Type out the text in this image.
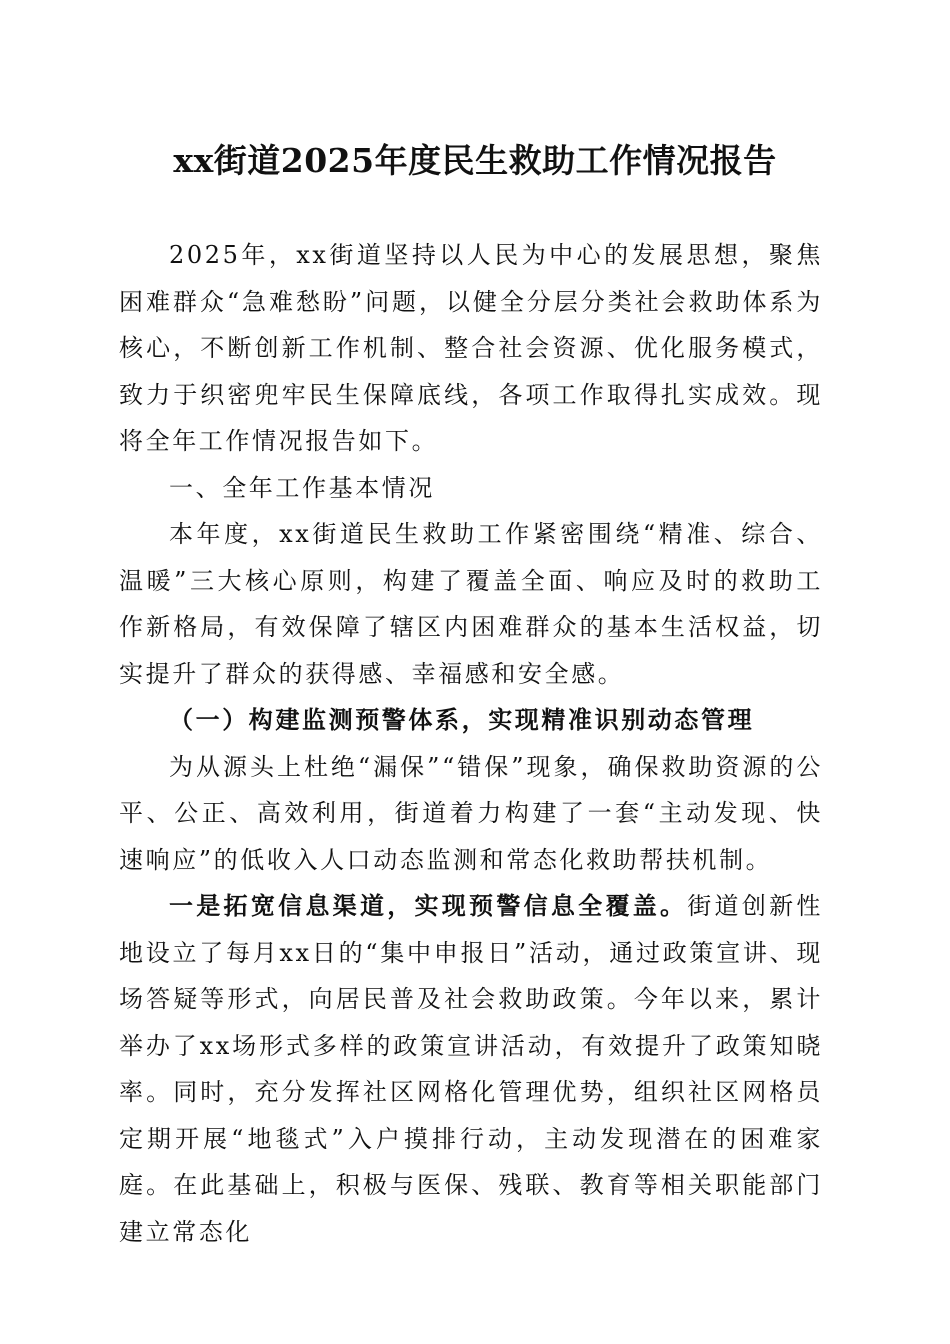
xx街道2025年度民生救助工作情况报告

2025年，xx街道坚持以人民为中心的发展思想，聚焦困难群众“急难愁盼”问题，以健全分层分类社会救助体系为核心，不断创新工作机制、整合社会资源、优化服务模式，致力于织密兜牢民生保障底线，各项工作取得扎实成效。现将全年工作情况报告如下。

一、全年工作基本情况

本年度，xx街道民生救助工作紧密围绕“精准、综合、温暖”三大核心原则，构建了覆盖全面、响应及时的救助工作新格局，有效保障了辖区内困难群众的基本生活权益，切实提升了群众的获得感、幸福感和安全感。

（一）构建监测预警体系，实现精准识别动态管理

为从源头上杜绝“漏保”“错保”现象，确保救助资源的公平、公正、高效利用，街道着力构建了一套“主动发现、快速响应”的低收入人口动态监测和常态化救助帮扶机制。

一是拓宽信息渠道，实现预警信息全覆盖。街道创新性地设立了每月xx日的“集中申报日”活动，通过政策宣讲、现场答疑等形式，向居民普及社会救助政策。今年以来，累计举办了xx场形式多样的政策宣讲活动，有效提升了政策知晓率。同时，充分发挥社区网格化管理优势，组织社区网格员定期开展“地毯式”入户摸排行动，主动发现潜在的困难家庭。在此基础上，积极与医保、残联、教育等相关职能部门建立常态化
